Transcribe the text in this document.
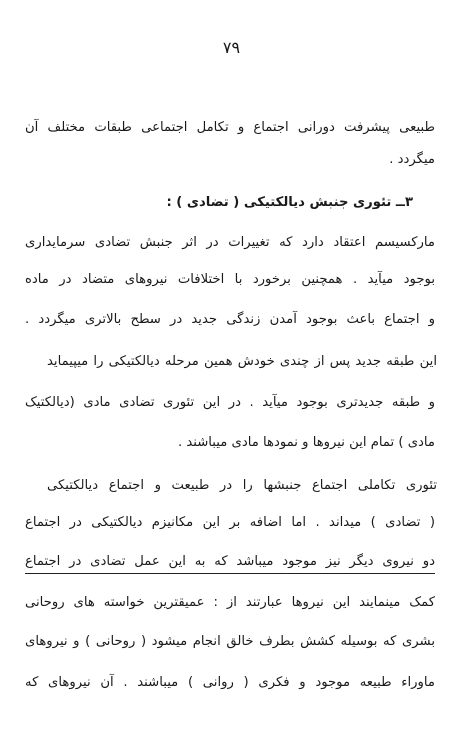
۷۹
طبیعی پیشرفت دورانی اجتماع و تکامل اجتماعی طبقات مختلف آن
میگردد .
۳ــ تئوری جنبش دیالکتیکی ( تضادی ) :
مارکسیسم اعتقاد دارد که تغییرات در اثر جنبش تضادی سرمایداری
بوجود میآید . همچنین برخورد با اختلافات نیروهای متضاد در ماده
و اجتماع باعث بوجود آمدن زندگی جدید در سطح بالاتری میگردد .
این طبقه جدید پس از چندی خودش همین مرحله دیالکتیکی را میپیماید
و طبقه جدیدتری بوجود میآید . در این تئوری تضادی مادی (دیالکتیک
مادی ) تمام این نیروها و نمودها مادی میباشند .
تئوری تکاملی اجتماع جنبشها را در طبیعت و اجتماع دیالکتیکی
( تضادی ) میداند . اما اضافه بر این مکانیزم دیالکتیکی در اجتماع
دو نیروی دیگر نیز موجود میباشد که به این عمل تضادی در اجتماع
کمک مینمایند این نیروها عبارتند از : عمیقترین خواسته های روحانی
بشری که بوسیله کشش بطرف خالق انجام میشود ( روحانی ) و نیروهای
ماوراء طبیعه موجود و فکری ( روانی ) میباشند . آن نیروهای که
